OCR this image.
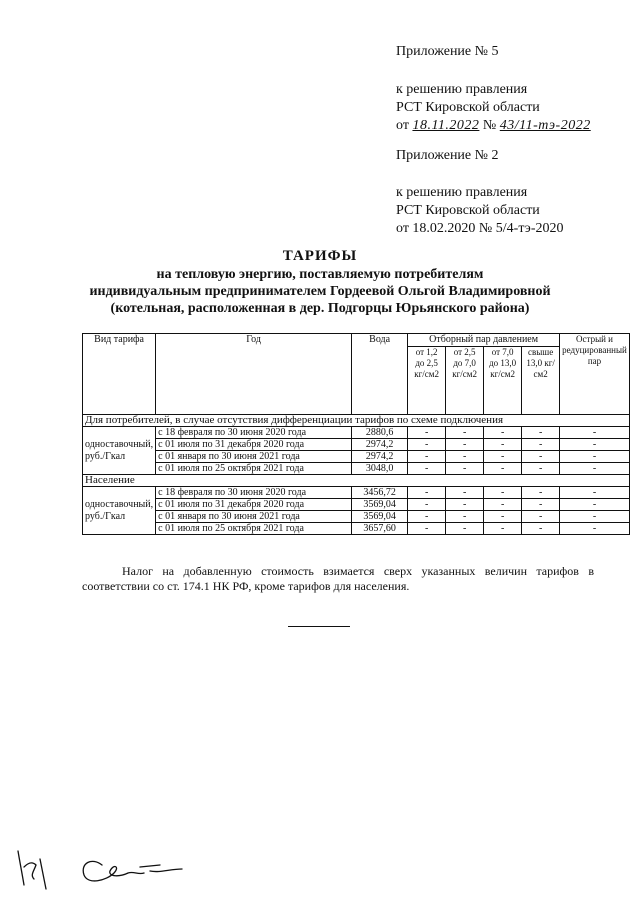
Приложение № 5
к решению правления
РСТ Кировской области
от 18.11.2022 № 43/11-тэ-2022
Приложение № 2
к решению правления
РСТ Кировской области
от 18.02.2020 № 5/4-тэ-2020
ТАРИФЫ
на тепловую энергию, поставляемую потребителям
индивидуальным предпринимателем Гордеевой Ольгой Владимировной
(котельная, расположенная в дер. Подгорцы Юрьянского района)
Вид тарифа	Год	Вода	Отборный пар давлением				Острый и редуцированный пар
			от 1,2 до 2,5 кг/см2	от 2,5 до 7,0 кг/см2	от 7,0 до 13,0 кг/см2	свыше 13,0 кг/см2	
Для потребителей, в случае отсутствия дифференциации тарифов по схеме подключения							
одноставочный, руб./Гкал	с 18 февраля по 30 июня 2020 года	2880,6	-	-	-	-	-
	с 01 июля по 31 декабря 2020 года	2974,2	-	-	-	-	-
	с 01 января по 30 июня 2021 года	2974,2	-	-	-	-	-
	с 01 июля по 25 октября 2021 года	3048,0	-	-	-	-	-
Население							
одноставочный, руб./Гкал	с 18 февраля по 30 июня 2020 года	3456,72	-	-	-	-	-
	с 01 июля по 31 декабря 2020 года	3569,04	-	-	-	-	-
	с 01 января по 30 июня 2021 года	3569,04	-	-	-	-	-
	с 01 июля по 25 октября 2021 года	3657,60	-	-	-	-	-
Налог на добавленную стоимость взимается сверх указанных величин тарифов в соответствии со ст. 174.1 НК РФ, кроме тарифов для населения.
